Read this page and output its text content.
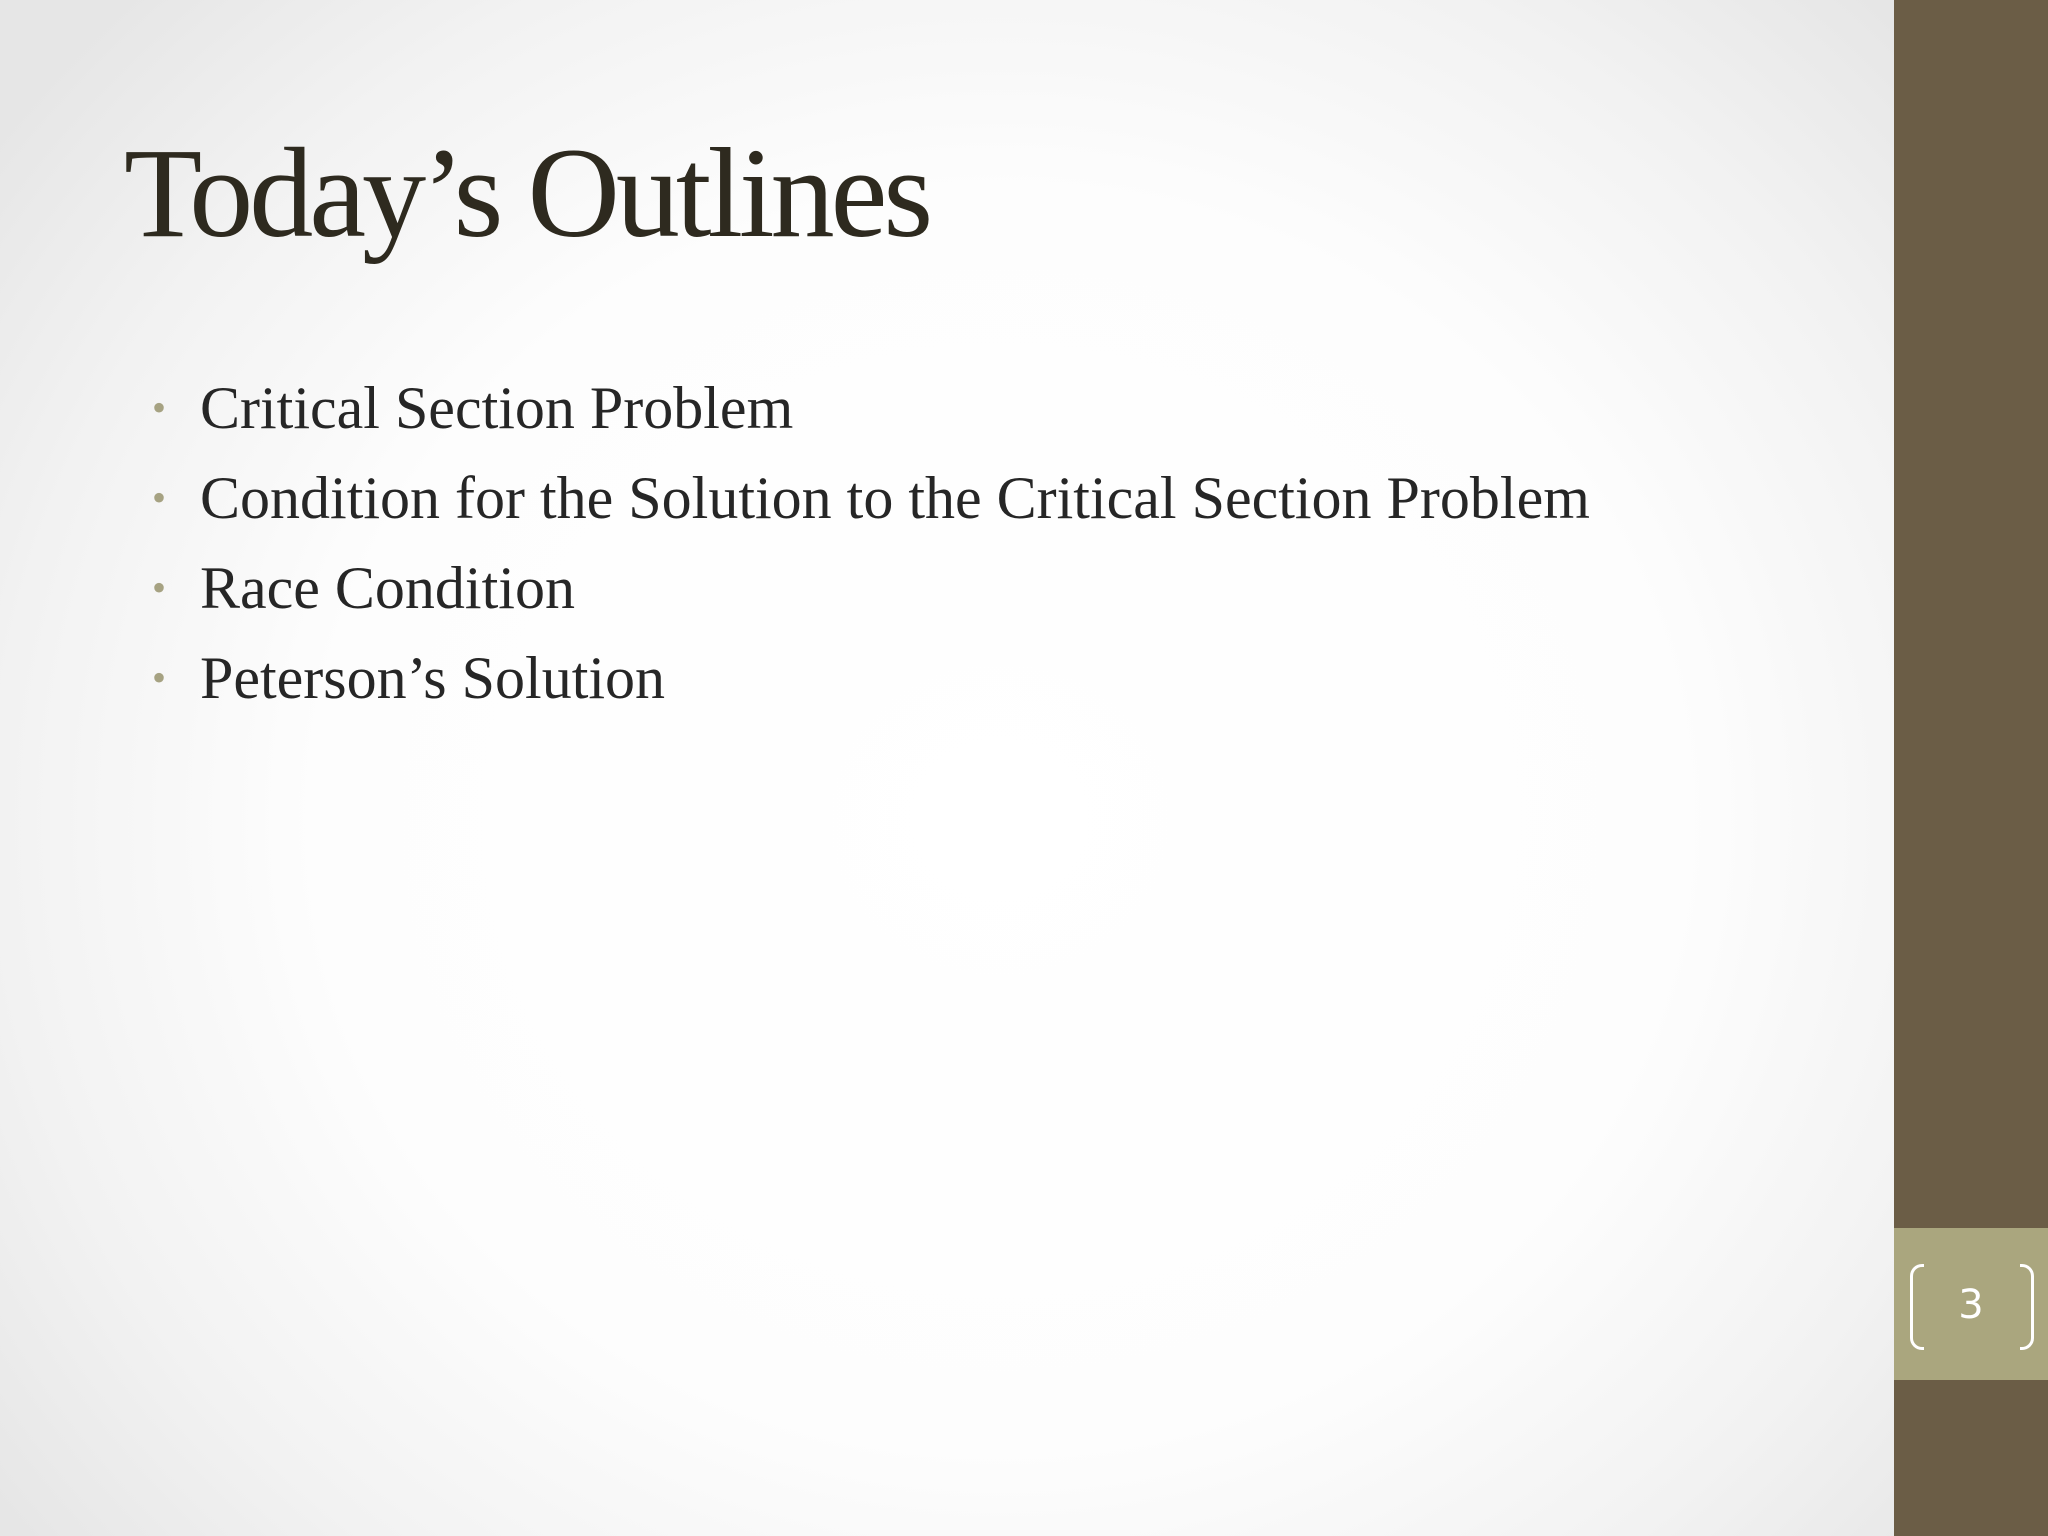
Today’s Outlines
• Critical Section Problem
• Condition for the Solution to the Critical Section Problem
• Race Condition
• Peterson’s Solution
3
